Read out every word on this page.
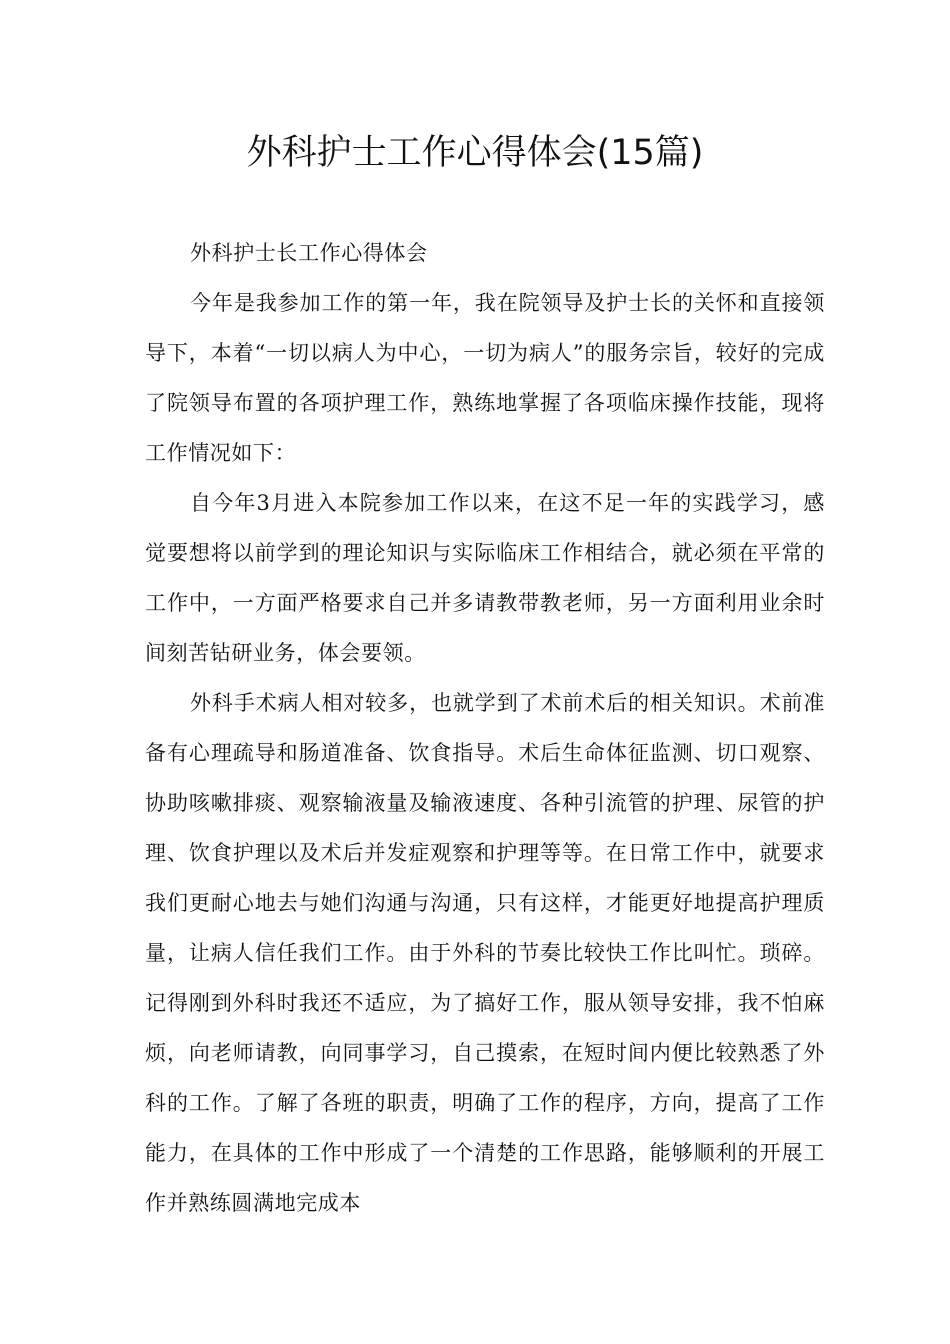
外科护士工作心得体会(15篇)

外科护士长工作心得体会

今年是我参加工作的第一年，我在院领导及护士长的关怀和直接领导下，本着“一切以病人为中心，一切为病人”的服务宗旨，较好的完成了院领导布置的各项护理工作，熟练地掌握了各项临床操作技能，现将工作情况如下：

自今年3月进入本院参加工作以来，在这不足一年的实践学习，感觉要想将以前学到的理论知识与实际临床工作相结合，就必须在平常的工作中，一方面严格要求自己并多请教带教老师，另一方面利用业余时间刻苦钻研业务，体会要领。

外科手术病人相对较多，也就学到了术前术后的相关知识。术前准备有心理疏导和肠道准备、饮食指导。术后生命体征监测、切口观察、协助咳嗽排痰、观察输液量及输液速度、各种引流管的护理、尿管的护理、饮食护理以及术后并发症观察和护理等等。在日常工作中，就要求我们更耐心地去与她们沟通与沟通，只有这样，才能更好地提高护理质量，让病人信任我们工作。由于外科的节奏比较快工作比叫忙。琐碎。记得刚到外科时我还不适应，为了搞好工作，服从领导安排，我不怕麻烦，向老师请教，向同事学习，自己摸索，在短时间内便比较熟悉了外科的工作。了解了各班的职责，明确了工作的程序，方向，提高了工作能力，在具体的工作中形成了一个清楚的工作思路，能够顺利的开展工作并熟练圆满地完成本
